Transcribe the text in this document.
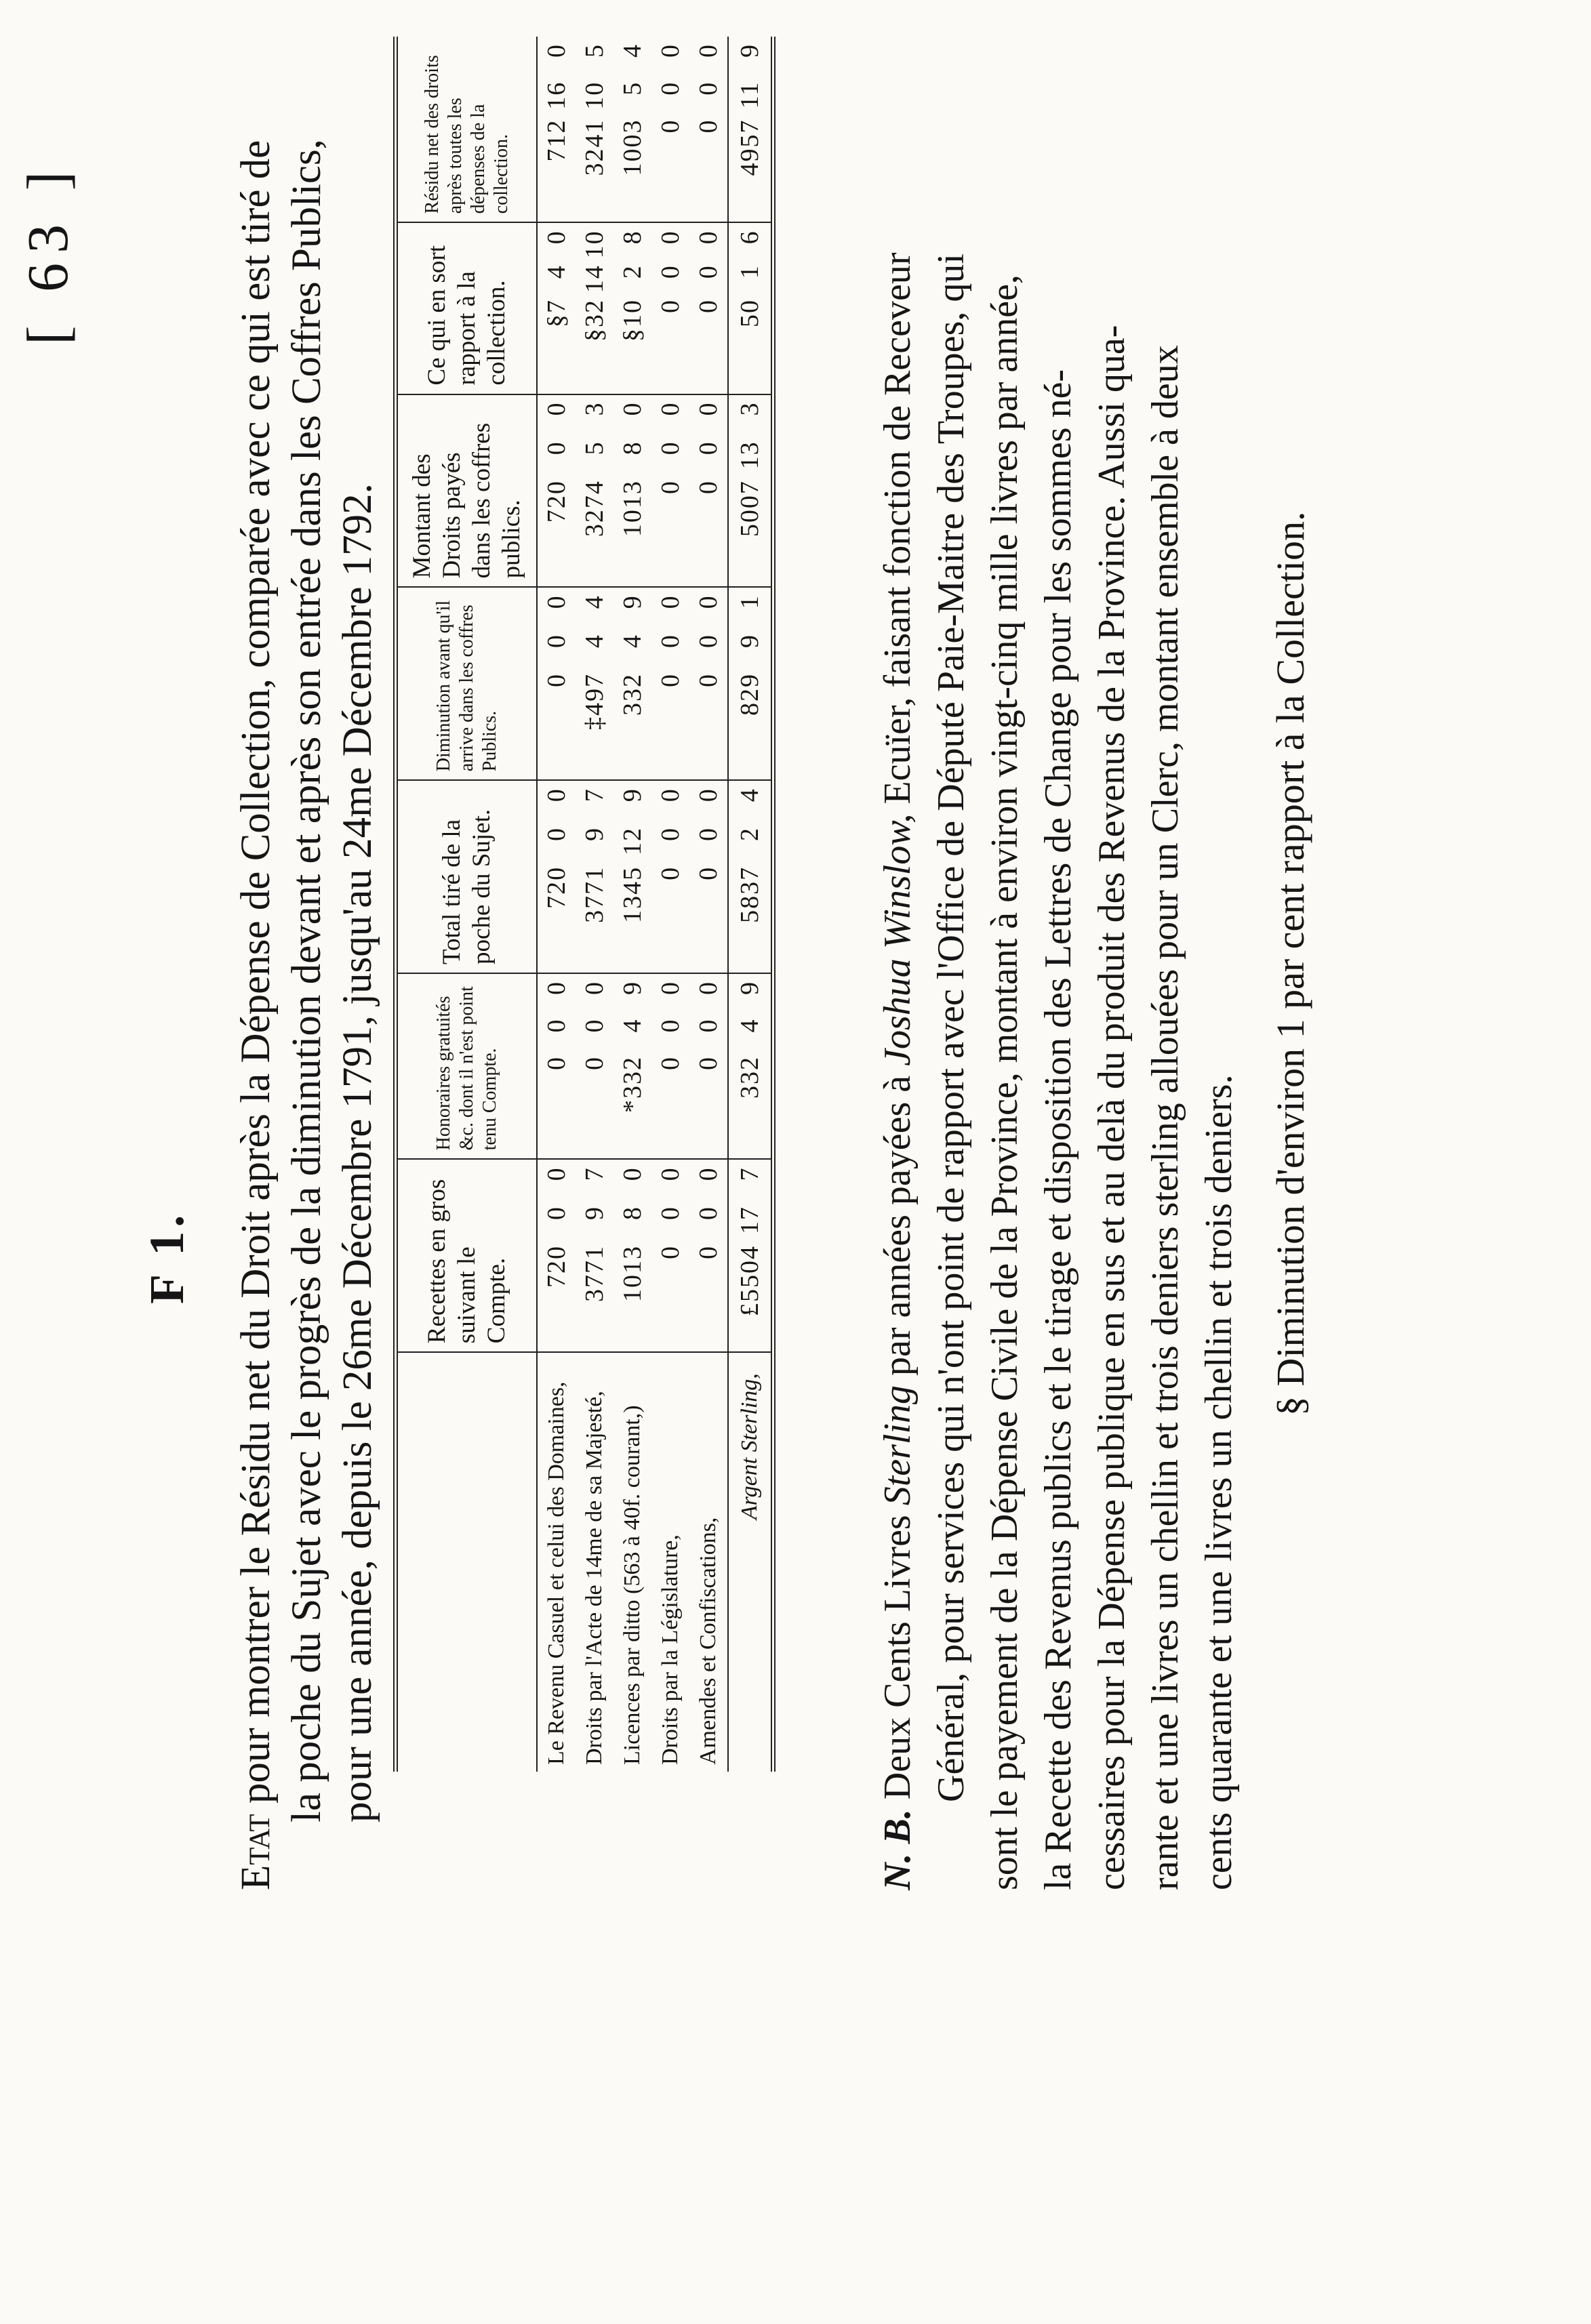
[ 63 ]
F 1.
Etat pour montrer le Résidu net du Droit après la Dépense de Collection, comparée avec ce qui est tiré de la poche du Sujet avec le progrès de la diminution devant et après son entrée dans les Coffres Publics, pour une année, depuis le 26me Décembre 1791, jusqu'au 24me Décembre 1792.
	Recettes en gros suivant le Compte.	Honoraires gratuités &c. dont il n'est point tenu Compte.	Total tiré de la poche du Sujet.	Diminution avant qu'il arrive dans les coffres Publics.	Montant des Droits payés dans les coffres publics.	Ce qui en sort rapport à la collection.	Résidu net des droits après toutes les dépenses de la collection.
Le Revenu Casuel et celui des Domaines,	72000	000	72000	000	72000	§740	712160
Droits par l'Acte de 14me de sa Majesté,	377197	000	377197	‡49744	327453	§321410	3241105
Licences par ditto (563 à 40f. courant,)	101380	*33249	1345129	33249	101380	§1028	100354
Droits par la Législature,	000	000	000	000	000	000	000
Amendes et Confiscations,	000	000	000	000	000	000	000
Argent Sterling,	£5504177	33249	583724	82991	5007133	5016	4957119
N. B. Deux Cents Livres Sterling par années payées à Joshua Winslow, Ecuïer, faisant fonction de Receveur Général, pour services qui n'ont point de rapport avec l'Office de Député Paie-Maitre des Troupes, qui sont le payement de la Dépense Civile de la Province, montant à environ vingt-cinq mille livres par année, la Recette des Revenus publics et le tirage et disposition des Lettres de Change pour les sommes né- cessaires pour la Dépense publique en sus et au delà du produit des Revenus de la Province. Aussi qua- rante et une livres un chellin et trois deniers sterling allouées pour un Clerc, montant ensemble à deux cents quarante et une livres un chellin et trois deniers.
§ Diminution d'environ 1 par cent rapport à la Collection.
